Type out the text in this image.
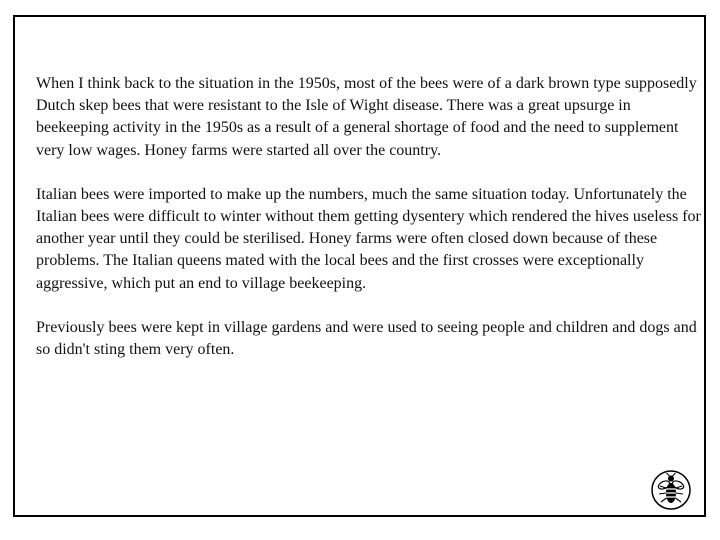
When I think back to the situation in the 1950s, most of the bees were of a dark brown type supposedly Dutch skep bees that were resistant to the Isle of Wight disease. There was a great upsurge in beekeeping activity in the 1950s as a result of a general shortage of food and the need to supplement very low wages. Honey farms were started all over the country.

Italian bees were imported to make up the numbers, much the same situation today. Unfortunately the Italian bees were difficult to winter without them getting dysentery which rendered the hives useless for another year until they could be sterilised. Honey farms were often closed down because of these problems. The Italian queens mated with the local bees and the first crosses were exceptionally aggressive, which put an end to village beekeeping.

Previously bees were kept in village gardens and were used to seeing people and children and dogs and so didn't sting them very often.
